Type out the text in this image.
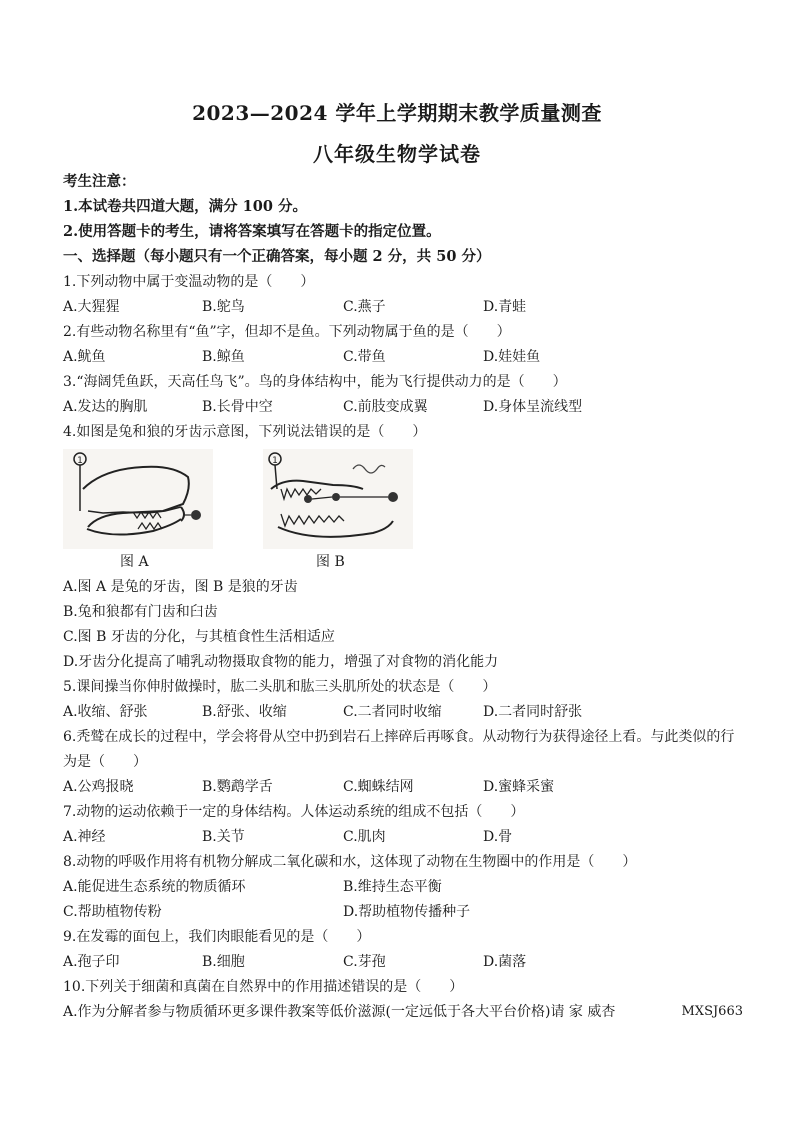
2023—2024 学年上学期期末教学质量测查
八年级生物学试卷
考生注意：
1.本试卷共四道大题，满分 100 分。
2.使用答题卡的考生，请将答案填写在答题卡的指定位置。
一、选择题（每小题只有一个正确答案，每小题 2 分，共 50 分）
1.下列动物中属于变温动物的是（　　）
A.大猩猩	B.鸵鸟	C.燕子	D.青蛙
2.有些动物名称里有“鱼”字，但却不是鱼。下列动物属于鱼的是（　　）
A.鱿鱼	B.鲸鱼	C.带鱼	D.娃娃鱼
3.“海阔凭鱼跃，天高任鸟飞”。鸟的身体结构中，能为飞行提供动力的是（　　）
A.发达的胸肌	B.长骨中空	C.前肢变成翼	D.身体呈流线型
4.如图是兔和狼的牙齿示意图，下列说法错误的是（　　）
1
图 A
1
图 B
A.图 A 是兔的牙齿，图 B 是狼的牙齿
B.兔和狼都有门齿和臼齿
C.图 B 牙齿的分化，与其植食性生活相适应
D.牙齿分化提高了哺乳动物摄取食物的能力，增强了对食物的消化能力
5.课间操当你伸肘做操时，肱二头肌和肱三头肌所处的状态是（　　）
A.收缩、舒张	B.舒张、收缩	C.二者同时收缩	D.二者同时舒张
6.秃鹫在成长的过程中，学会将骨从空中扔到岩石上摔碎后再啄食。从动物行为获得途径上看。与此类似的行
为是（　　）
A.公鸡报晓	B.鹦鹉学舌	C.蜘蛛结网	D.蜜蜂采蜜
7.动物的运动依赖于一定的身体结构。人体运动系统的组成不包括（　　）
A.神经	B.关节	C.肌肉	D.骨
8.动物的呼吸作用将有机物分解成二氧化碳和水，这体现了动物在生物圈中的作用是（　　）
A.能促进生态系统的物质循环	B.维持生态平衡
C.帮助植物传粉	D.帮助植物传播种子
9.在发霉的面包上，我们肉眼能看见的是（　　）
A.孢子印	B.细胞	C.芽孢	D.菌落
10.下列关于细菌和真菌在自然界中的作用描述错误的是（　　）
A.作为分解者参与物质循环更多课件教案等低价滋源(一定远低于各大平台价格)请 家 威杏	MXSJ663
